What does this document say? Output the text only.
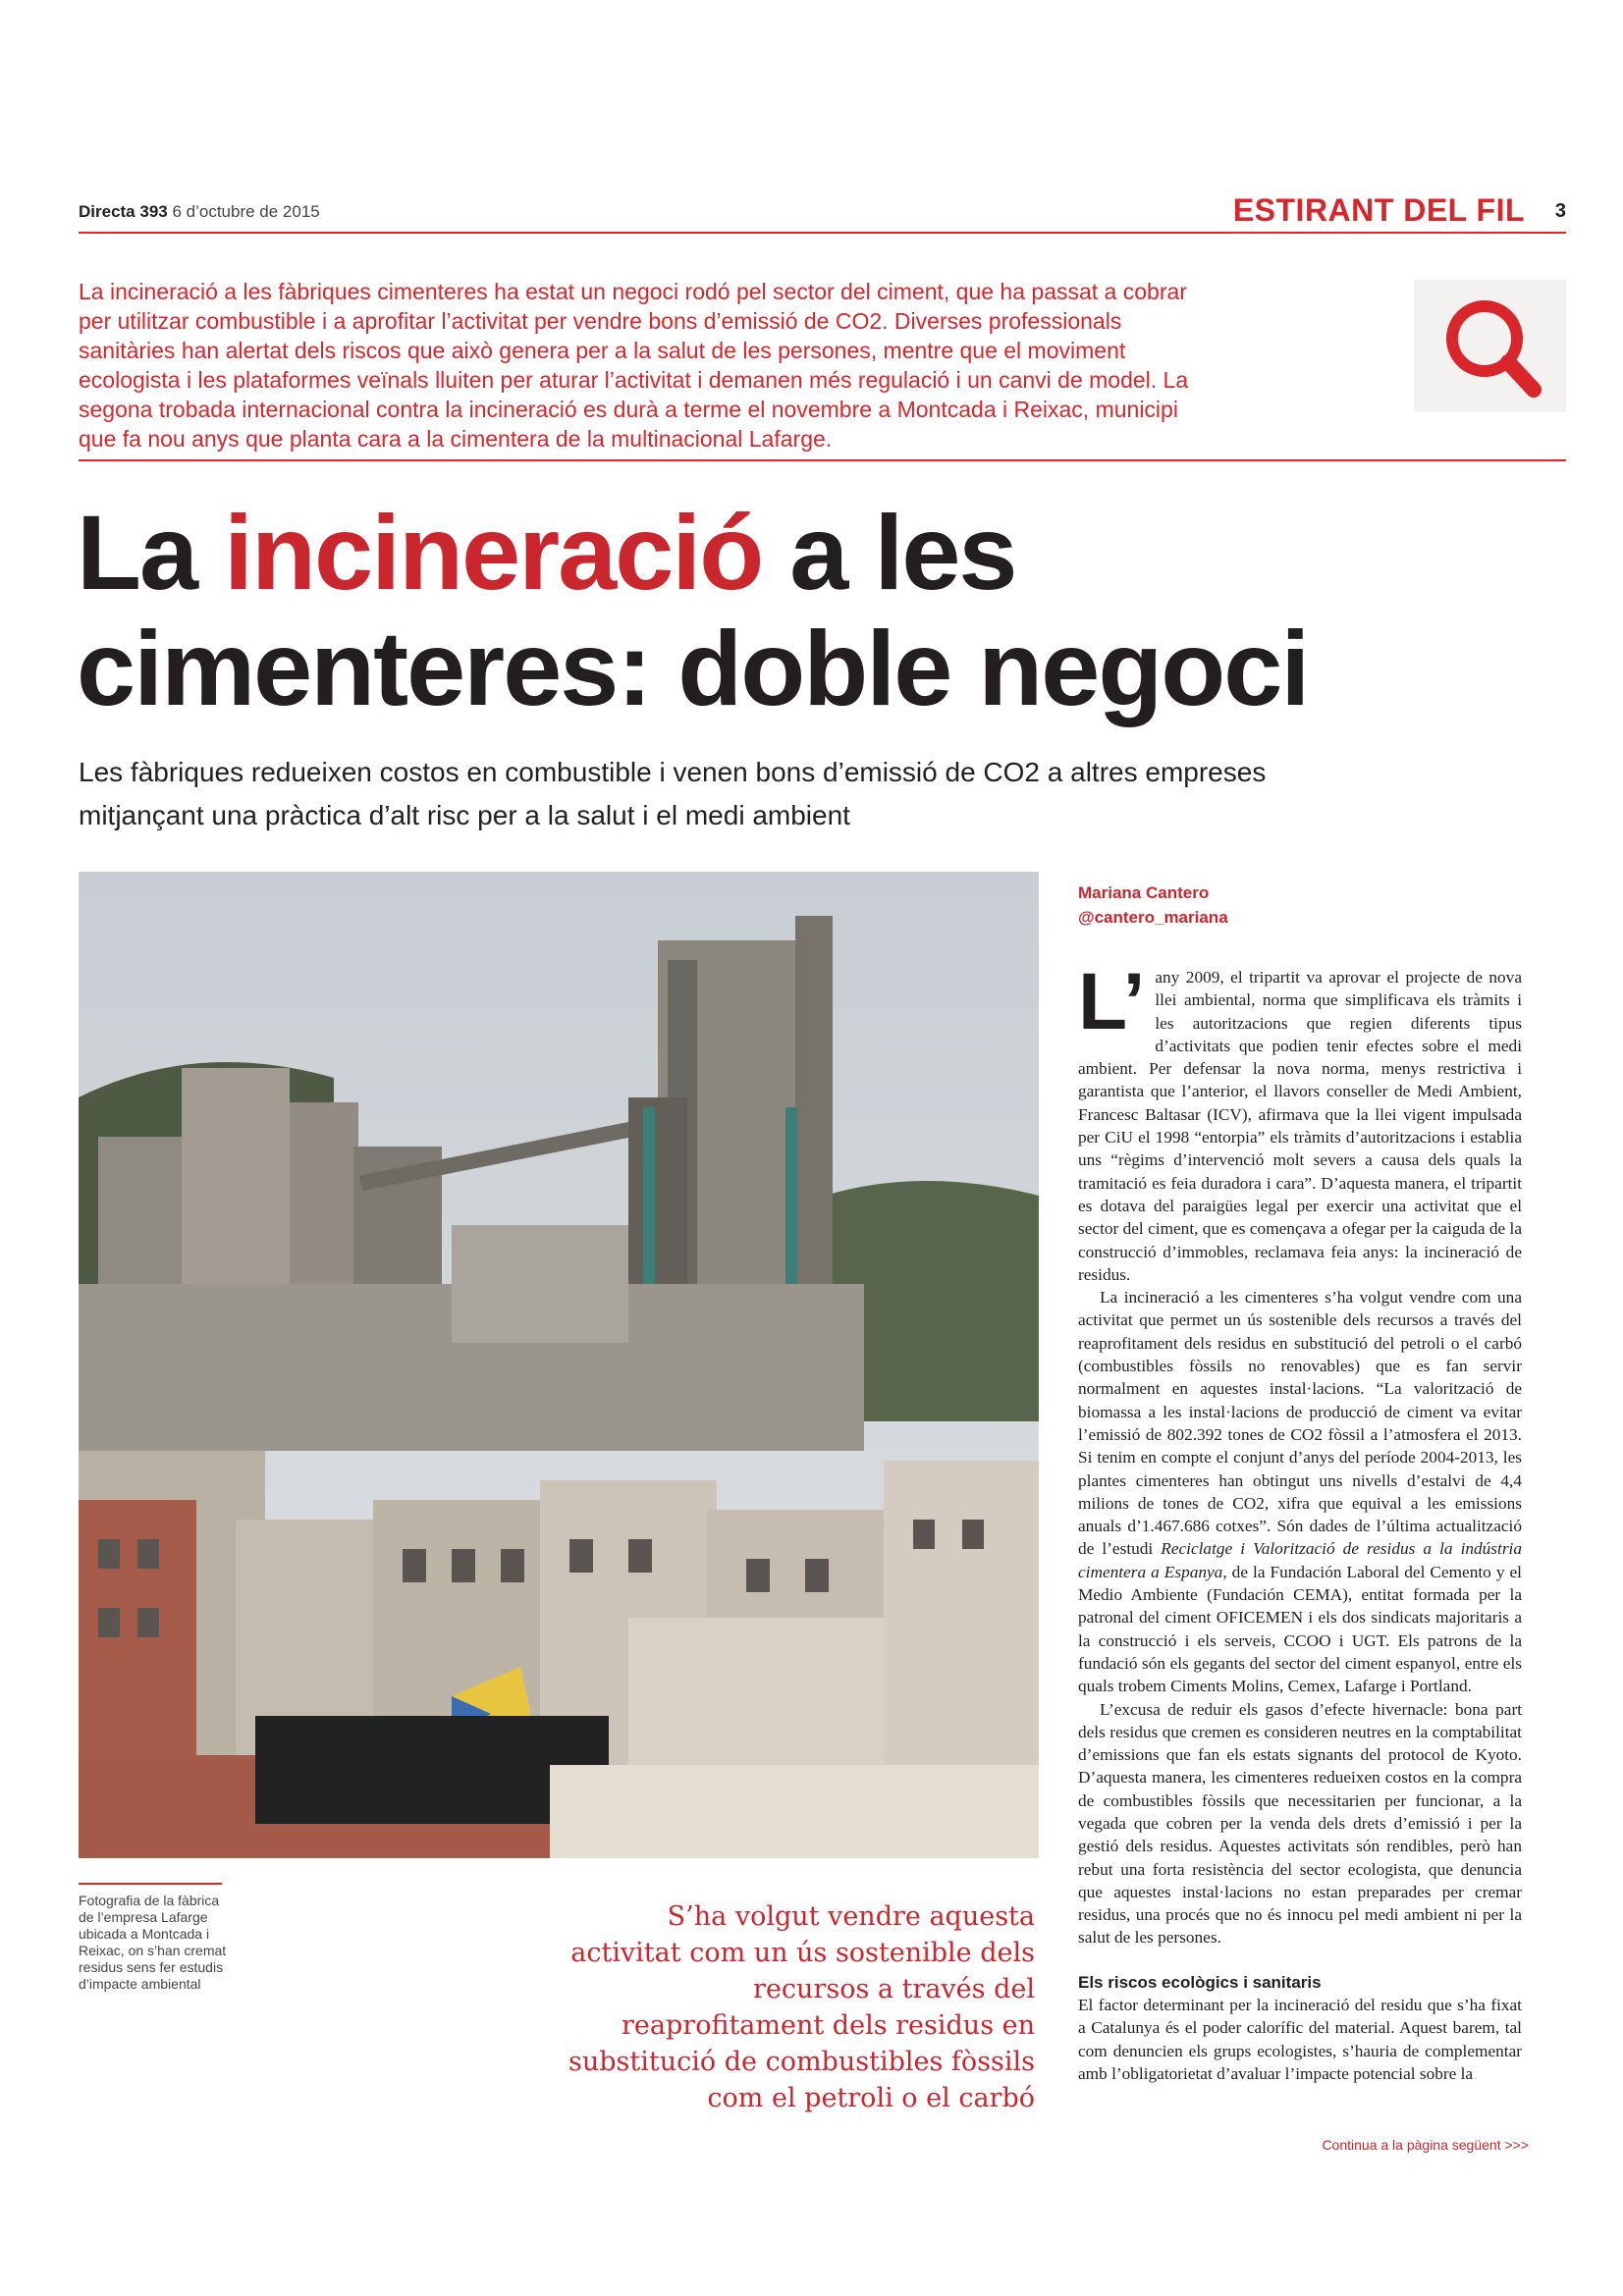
Directa 393 6 d’octubre de 2015	ESTIRANT DEL FIL 3

La incineració a les fàbriques cimenteres ha estat un negoci rodó pel sector del ciment, que ha passat a cobrar per utilitzar combustible i a aprofitar l’activitat per vendre bons d’emissió de CO2. Diverses professionals sanitàries han alertat dels riscos que això genera per a la salut de les persones, mentre que el moviment ecologista i les plataformes veïnals lluiten per aturar l’activitat i demanen més regulació i un canvi de model. La segona trobada internacional contra la incineració es durà a terme el novembre a Montcada i Reixac, municipi que fa nou anys que planta cara a la cimentera de la multinacional Lafarge.

La incineració a les
cimenteres: doble negoci

Les fàbriques redueixen costos en combustible i venen bons d’emissió de CO2 a altres empreses mitjançant una pràctica d’alt risc per a la salut i el medi ambient

Fotografia de la fàbrica de l’empresa Lafarge ubicada a Montcada i Reixac, on s’han cremat residus sens fer estudis d’impacte ambiental

S’ha volgut vendre aquesta activitat com un ús sostenible dels recursos a través del reaprofitament dels residus en substitució de combustibles fòssils com el petroli o el carbó

Mariana Cantero
@cantero_mariana

L’ any 2009, el tripartit va aprovar el projecte de nova llei ambiental, norma que simplificava els tràmits i les autoritzacions que regien diferents tipus d’activitats que podien tenir efectes sobre el medi ambient. Per defensar la nova norma, menys restrictiva i garantista que l’anterior, el llavors conseller de Medi Ambient, Francesc Baltasar (ICV), afirmava que la llei vigent impulsada per CiU el 1998 “entorpia” els tràmits d’autoritzacions i establia uns “règims d’intervenció molt severs a causa dels quals la tramitació es feia duradora i cara”. D’aquesta manera, el tripartit es dotava del paraigües legal per exercir una activitat que el sector del ciment, que es començava a ofegar per la caiguda de la construcció d’immobles, reclamava feia anys: la incineració de residus.

La incineració a les cimenteres s’ha volgut vendre com una activitat que permet un ús sostenible dels recursos a través del reaprofitament dels residus en substitució del petroli o el carbó (combustibles fòssils no renovables) que es fan servir normalment en aquestes instal·lacions. “La valorització de biomassa a les instal·lacions de producció de ciment va evitar l’emissió de 802.392 tones de CO2 fòssil a l’atmosfera el 2013. Si tenim en compte el conjunt d’anys del període 2004-2013, les plantes cimenteres han obtingut uns nivells d’estalvi de 4,4 milions de tones de CO2, xifra que equival a les emissions anuals d’1.467.686 cotxes”. Són dades de l’última actualització de l’estudi Reciclatge i Valorització de residus a la indústria cimentera a Espanya, de la Fundación Laboral del Cemento y el Medio Ambiente (Fundación CEMA), entitat formada per la patronal del ciment OFICEMEN i els dos sindicats majoritaris a la construcció i els serveis, CCOO i UGT. Els patrons de la fundació són els gegants del sector del ciment espanyol, entre els quals trobem Ciments Molins, Cemex, Lafarge i Portland.

L’excusa de reduir els gasos d’efecte hivernacle: bona part dels residus que cremen es consideren neutres en la comptabilitat d’emissions que fan els estats signants del protocol de Kyoto. D’aquesta manera, les cimenteres redueixen costos en la compra de combustibles fòssils que necessitarien per funcionar, a la vegada que cobren per la venda dels drets d’emissió i per la gestió dels residus. Aquestes activitats són rendibles, però han rebut una forta resistència del sector ecologista, que denuncia que aquestes instal·lacions no estan preparades per cremar residus, una procés que no és innocu pel medi ambient ni per la salut de les persones.

Els riscos ecològics i sanitaris

El factor determinant per la incineració del residu que s’ha fixat a Catalunya és el poder calorífic del material. Aquest barem, tal com denuncien els grups ecologistes, s’hauria de complementar amb l’obligatorietat d’avaluar l’impacte potencial sobre la

Continua a la pàgina següent >>>
